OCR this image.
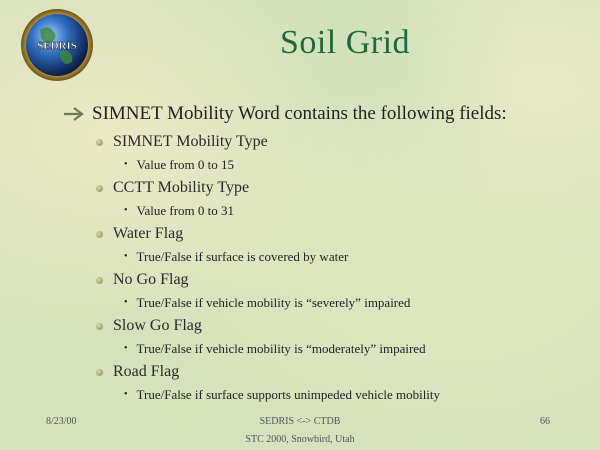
SEDRIS	Soil Grid
SIMNET Mobility Word contains the following fields:
SIMNET Mobility Type
• Value from 0 to 15
CCTT Mobility Type
• Value from 0 to 31
Water Flag
• True/False if surface is covered by water
No Go Flag
• True/False if vehicle mobility is “severely” impaired
Slow Go Flag
• True/False if vehicle mobility is “moderately” impaired
Road Flag
• True/False if surface supports unimpeded vehicle mobility
8/23/00	SEDRIS <-> CTDB	66
STC 2000, Snowbird, Utah
